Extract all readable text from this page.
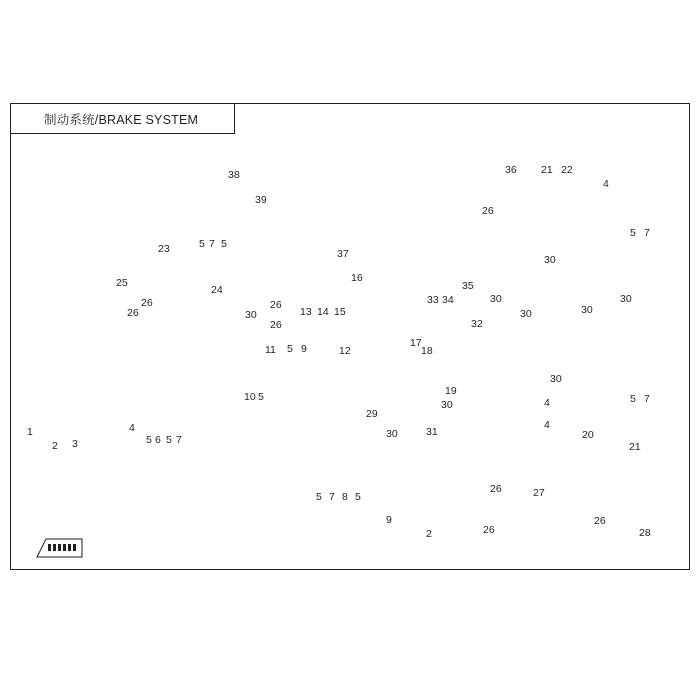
制动系统/BRAKE SYSTEM
1
2 3
4
5 6 5 7
25
26
26
23	5 7 5
24
38
39
10 5
11 5 9	12
13 14 15
16
17
18
19
20
21
21 22
4
36
26
5 7
5 7
4
4
26
26
30
30
30
30
30
30
30
30
30
29
31
32
33 34
35
37
5 7 8 5
9
2
26	27
26	28
26
